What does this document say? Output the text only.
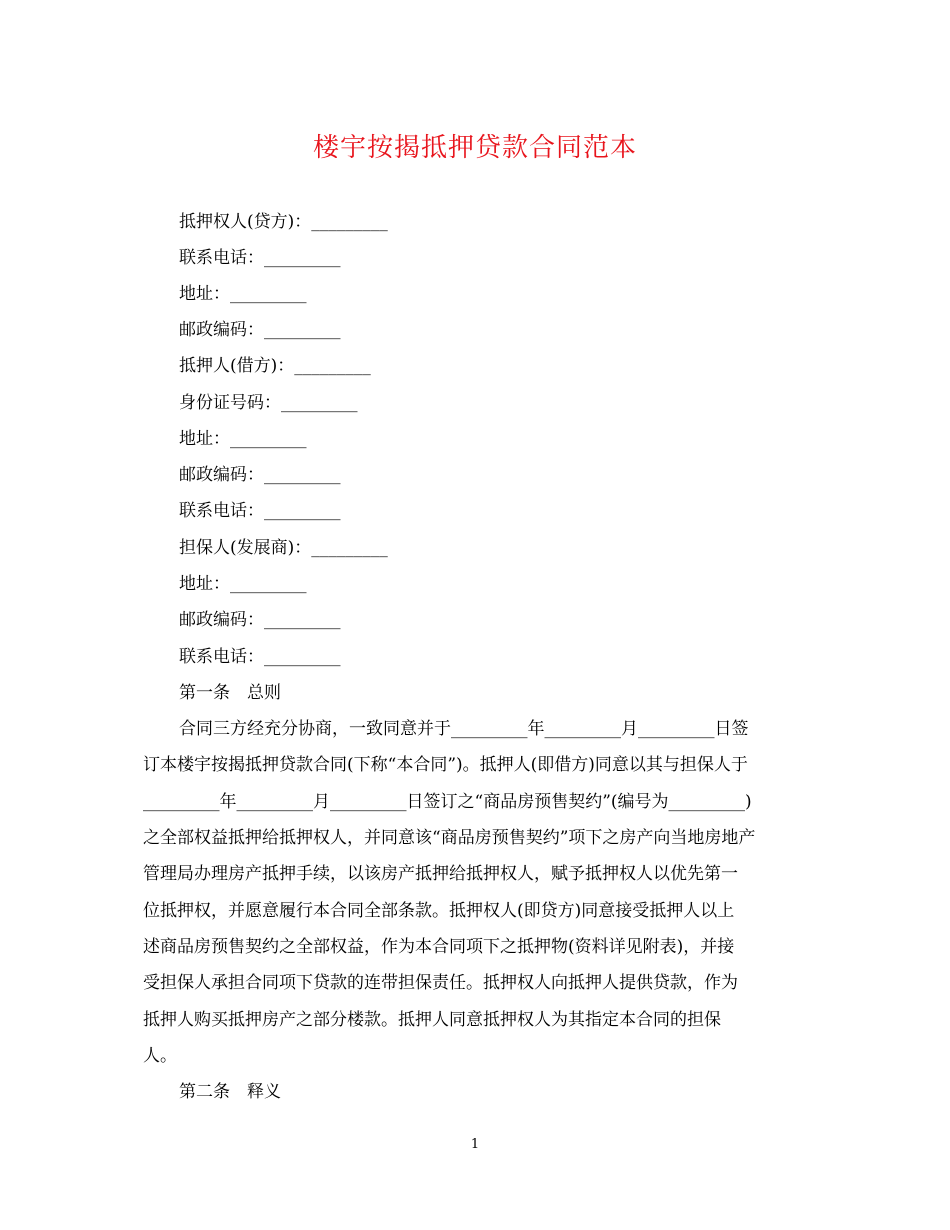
楼宇按揭抵押贷款合同范本
抵押权人(贷方)：_________
联系电话：_________
地址：_________
邮政编码：_________
抵押人(借方)：_________
身份证号码：_________
地址：_________
邮政编码：_________
联系电话：_________
担保人(发展商)：_________
地址：_________
邮政编码：_________
联系电话：_________
第一条　总则
合同三方经充分协商，一致同意并于_________年_________月_________日签
订本楼宇按揭抵押贷款合同(下称“本合同”)。抵押人(即借方)同意以其与担保人于
_________年_________月_________日签订之“商品房预售契约”(编号为_________)
之全部权益抵押给抵押权人，并同意该“商品房预售契约”项下之房产向当地房地产
管理局办理房产抵押手续，以该房产抵押给抵押权人，赋予抵押权人以优先第一
位抵押权，并愿意履行本合同全部条款。抵押权人(即贷方)同意接受抵押人以上
述商品房预售契约之全部权益，作为本合同项下之抵押物(资料详见附表)，并接
受担保人承担合同项下贷款的连带担保责任。抵押权人向抵押人提供贷款，作为
抵押人购买抵押房产之部分楼款。抵押人同意抵押权人为其指定本合同的担保
人。
第二条　释义
1
